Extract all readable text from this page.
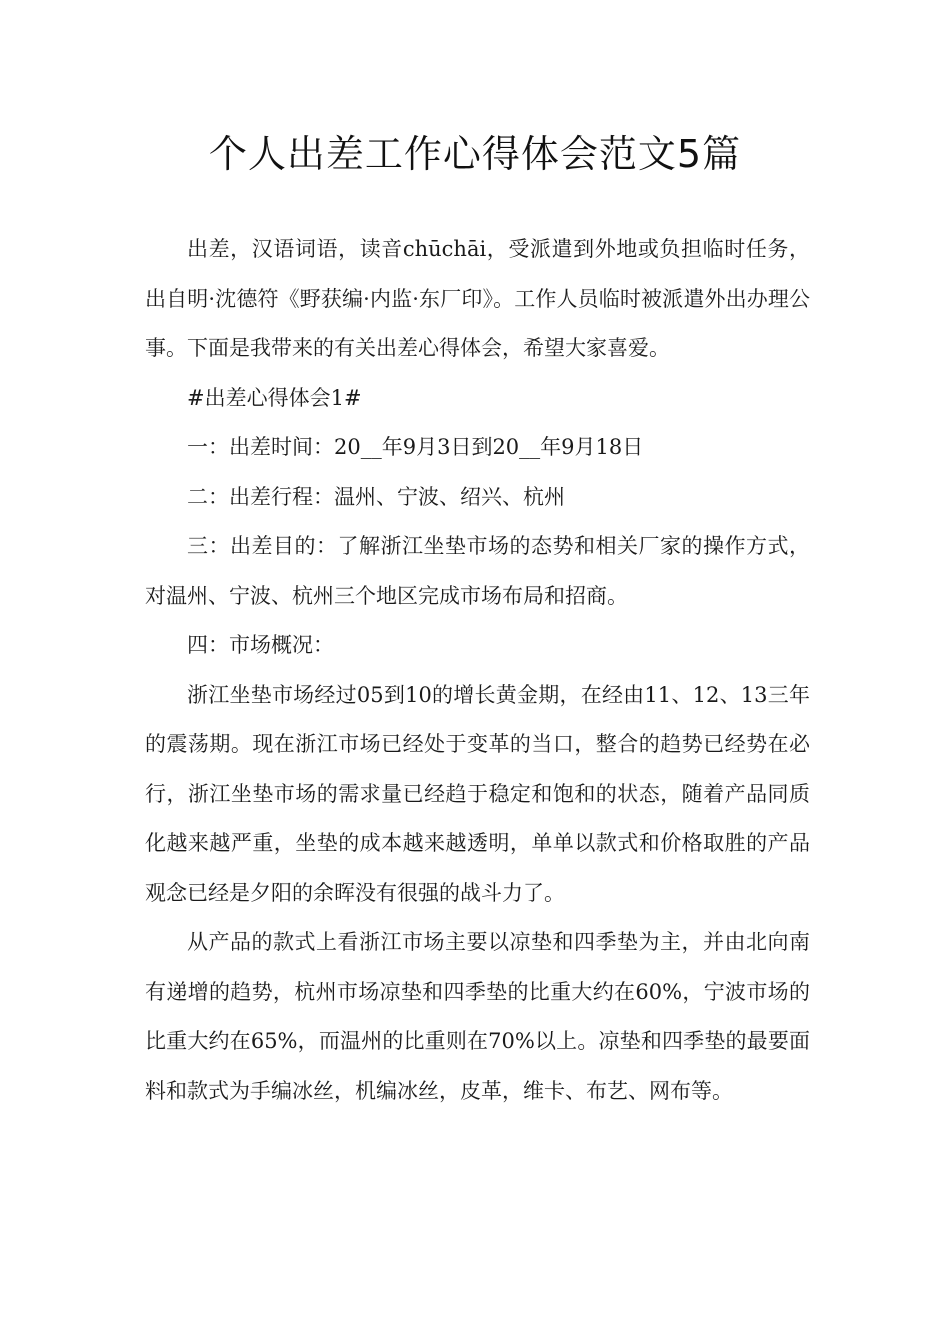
个人出差工作心得体会范文5篇

出差，汉语词语，读音chūchāi，受派遣到外地或负担临时任务，出自明·沈德符《野获编·内监·东厂印》。工作人员临时被派遣外出办理公事。下面是我带来的有关出差心得体会，希望大家喜爱。

#出差心得体会1#

一：出差时间：20__年9月3日到20__年9月18日

二：出差行程：温州、宁波、绍兴、杭州

三：出差目的：了解浙江坐垫市场的态势和相关厂家的操作方式，对温州、宁波、杭州三个地区完成市场布局和招商。

四：市场概况：

浙江坐垫市场经过05到10的增长黄金期，在经由11、12、13三年的震荡期。现在浙江市场已经处于变革的当口，整合的趋势已经势在必行，浙江坐垫市场的需求量已经趋于稳定和饱和的状态，随着产品同质化越来越严重，坐垫的成本越来越透明，单单以款式和价格取胜的产品观念已经是夕阳的余晖没有很强的战斗力了。

从产品的款式上看浙江市场主要以凉垫和四季垫为主，并由北向南有递增的趋势，杭州市场凉垫和四季垫的比重大约在60%，宁波市场的比重大约在65%，而温州的比重则在70%以上。凉垫和四季垫的最要面料和款式为手编冰丝，机编冰丝，皮革，维卡、布艺、网布等。
